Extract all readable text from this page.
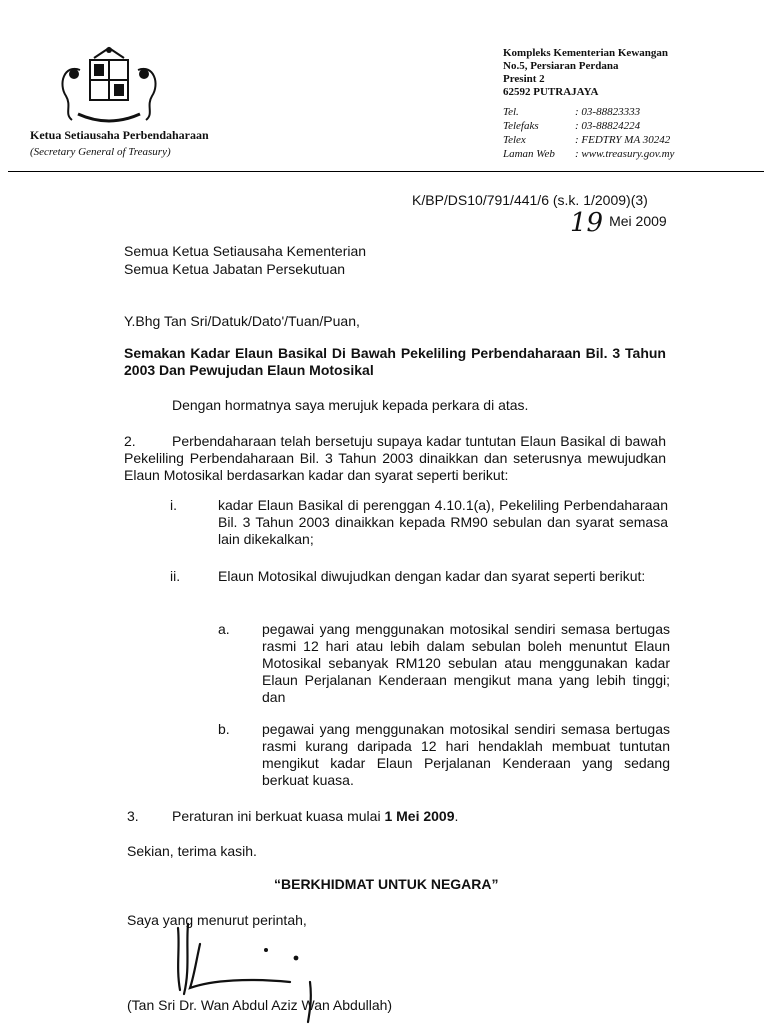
Ketua Setiausaha Perbendaharaan
(Secretary General of Treasury)
Kompleks Kementerian Kewangan
No.5, Persiaran Perdana
Presint 2
62592 PUTRAJAYA
Tel.	: 03-88823333
Telefaks	: 03-88824224
Telex	: FEDTRY MA 30242
Laman Web	: www.treasury.gov.my
K/BP/DS10/791/441/6 (s.k. 1/2009)(3)
19 Mei 2009
Semua Ketua Setiausaha Kementerian
Semua Ketua Jabatan Persekutuan
Y.Bhg Tan Sri/Datuk/Dato'/Tuan/Puan,
Semakan Kadar Elaun Basikal Di Bawah Pekeliling Perbendaharaan Bil. 3 Tahun 2003 Dan Pewujudan Elaun Motosikal
Dengan hormatnya saya merujuk kepada perkara di atas.
2.	Perbendaharaan telah bersetuju supaya kadar tuntutan Elaun Basikal di bawah Pekeliling Perbendaharaan Bil. 3 Tahun 2003 dinaikkan dan seterusnya mewujudkan Elaun Motosikal berdasarkan kadar dan syarat seperti berikut:
i.	kadar Elaun Basikal di perenggan 4.10.1(a), Pekeliling Perbendaharaan Bil. 3 Tahun 2003 dinaikkan kepada RM90 sebulan dan syarat semasa lain dikekalkan;
ii.	Elaun Motosikal diwujudkan dengan kadar dan syarat seperti berikut:
a. pegawai yang menggunakan motosikal sendiri semasa bertugas rasmi 12 hari atau lebih dalam sebulan boleh menuntut Elaun Motosikal sebanyak RM120 sebulan atau menggunakan kadar Elaun Perjalanan Kenderaan mengikut mana yang lebih tinggi; dan
b. pegawai yang menggunakan motosikal sendiri semasa bertugas rasmi kurang daripada 12 hari hendaklah membuat tuntutan mengikut kadar Elaun Perjalanan Kenderaan yang sedang berkuat kuasa.
3. Peraturan ini berkuat kuasa mulai 1 Mei 2009.
Sekian, terima kasih.
“BERKHIDMAT UNTUK NEGARA”
Saya yang menurut perintah,
(Tan Sri Dr. Wan Abdul Aziz Wan Abdullah)
